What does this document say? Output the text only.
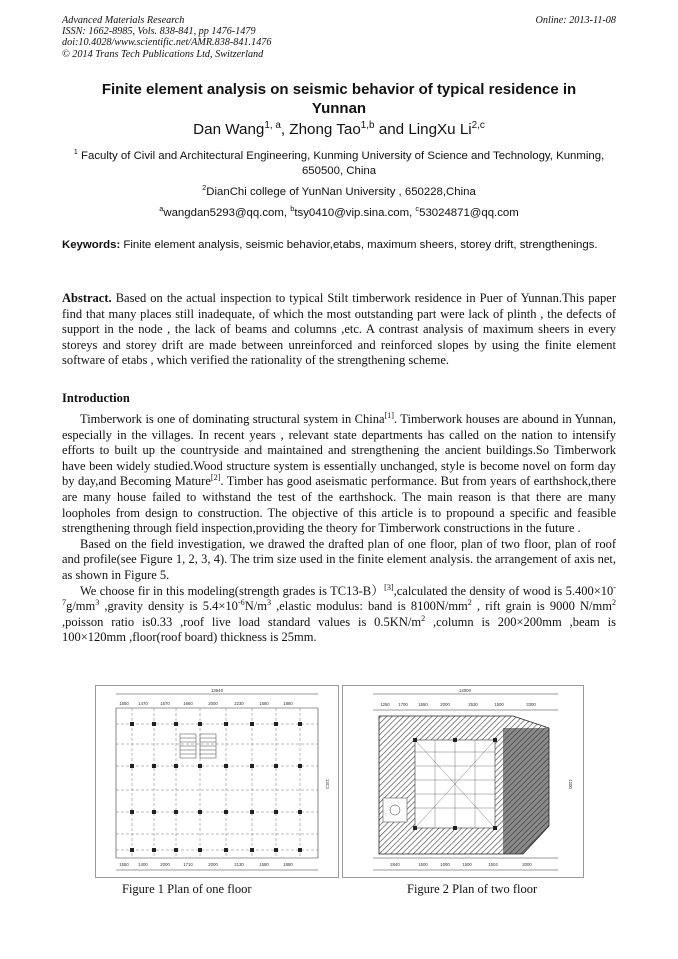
Advanced Materials Research
ISSN: 1662-8985, Vols. 838-841, pp 1476-1479
doi:10.4028/www.scientific.net/AMR.838-841.1476
© 2014 Trans Tech Publications Ltd, Switzerland
Online: 2013-11-08
Finite element analysis on seismic behavior of typical residence in Yunnan
Dan Wang$^{1, a}$, Zhong Tao$^{1,b}$ and LingXu Li$^{2,c}$
$^1$ Faculty of Civil and Architectural Engineering, Kunming University of Science and Technology, Kunming, 650500, China
$^2$DianChi college of YunNan University , 650228,China
$^a$wangdan5293@qq.com, $^b$tsy0410@vip.sina.com, $^c$53024871@qq.com
Keywords: Finite element analysis, seismic behavior,etabs, maximum sheers, storey drift, strengthenings.

Abstract. Based on the actual inspection to typical Stilt timberwork residence in Puer of Yunnan.This paper find that many places still inadequate, of which the most outstanding part were lack of plinth , the defects of support in the node , the lack of beams and columns ,etc. A contrast analysis of maximum sheers in every storeys and storey drift are made between unreinforced and reinforced slopes by using the finite element software of etabs , which verified the rationality of the strengthening scheme.

Introduction

Timberwork is one of dominating structural system in China[1]. Timberwork houses are abound in Yunnan, especially in the villages. In recent years , relevant state departments has called on the nation to intensify efforts to built up the countryside and maintained and strengthening the ancient buildings.So Timberwork have been widely studied.Wood structure system is essentially unchanged, style is become novel on form day by day,and Becoming Mature[2]. Timber has good aseismatic performance. But from years of earthshock,there are many house failed to withstand the test of the earthshock. The main reason is that there are many loopholes from design to construction. The objective of this article is to propound a specific and feasible strengthening through field inspection,providing the theory for Timberwork constructions in the future .

Based on the field investigation, we drawed the drafted plan of one floor, plan of two floor, plan of roof and profile(see Figure 1, 2, 3, 4). The trim size used in the finite element analysis. the arrangement of axis net, as shown in Figure 5.

We choose fir in this modeling(strength grades is TC13-B）[3],calculated the density of wood is $5.400\times 10^{-7}g/mm^3$ ,gravity density is $5.4\times 10^{-6}N/m^3$ ,elastic modulus: band is $8100N/mm^2$ , rift grain is 9000 $N/mm^2$ ,poisson ratio is0.33 ,roof live load standard values is $0.5KN/m^2$ ,column is 200×200mm ,beam is 100×120mm ,floor(roof board) thickness is 25mm.

13640
1550 1470	1670	1660	2000	2230	1580	1880
1550 1400	2000	1710	2000	2130	1580	1880
13C1
Figure 1 Plan of one floor
14000
1250 1700 1550	2000	2530	1500	3300
2840	1500	1000	1500	1504	2000
1200
Figure 2 Plan of two floor
